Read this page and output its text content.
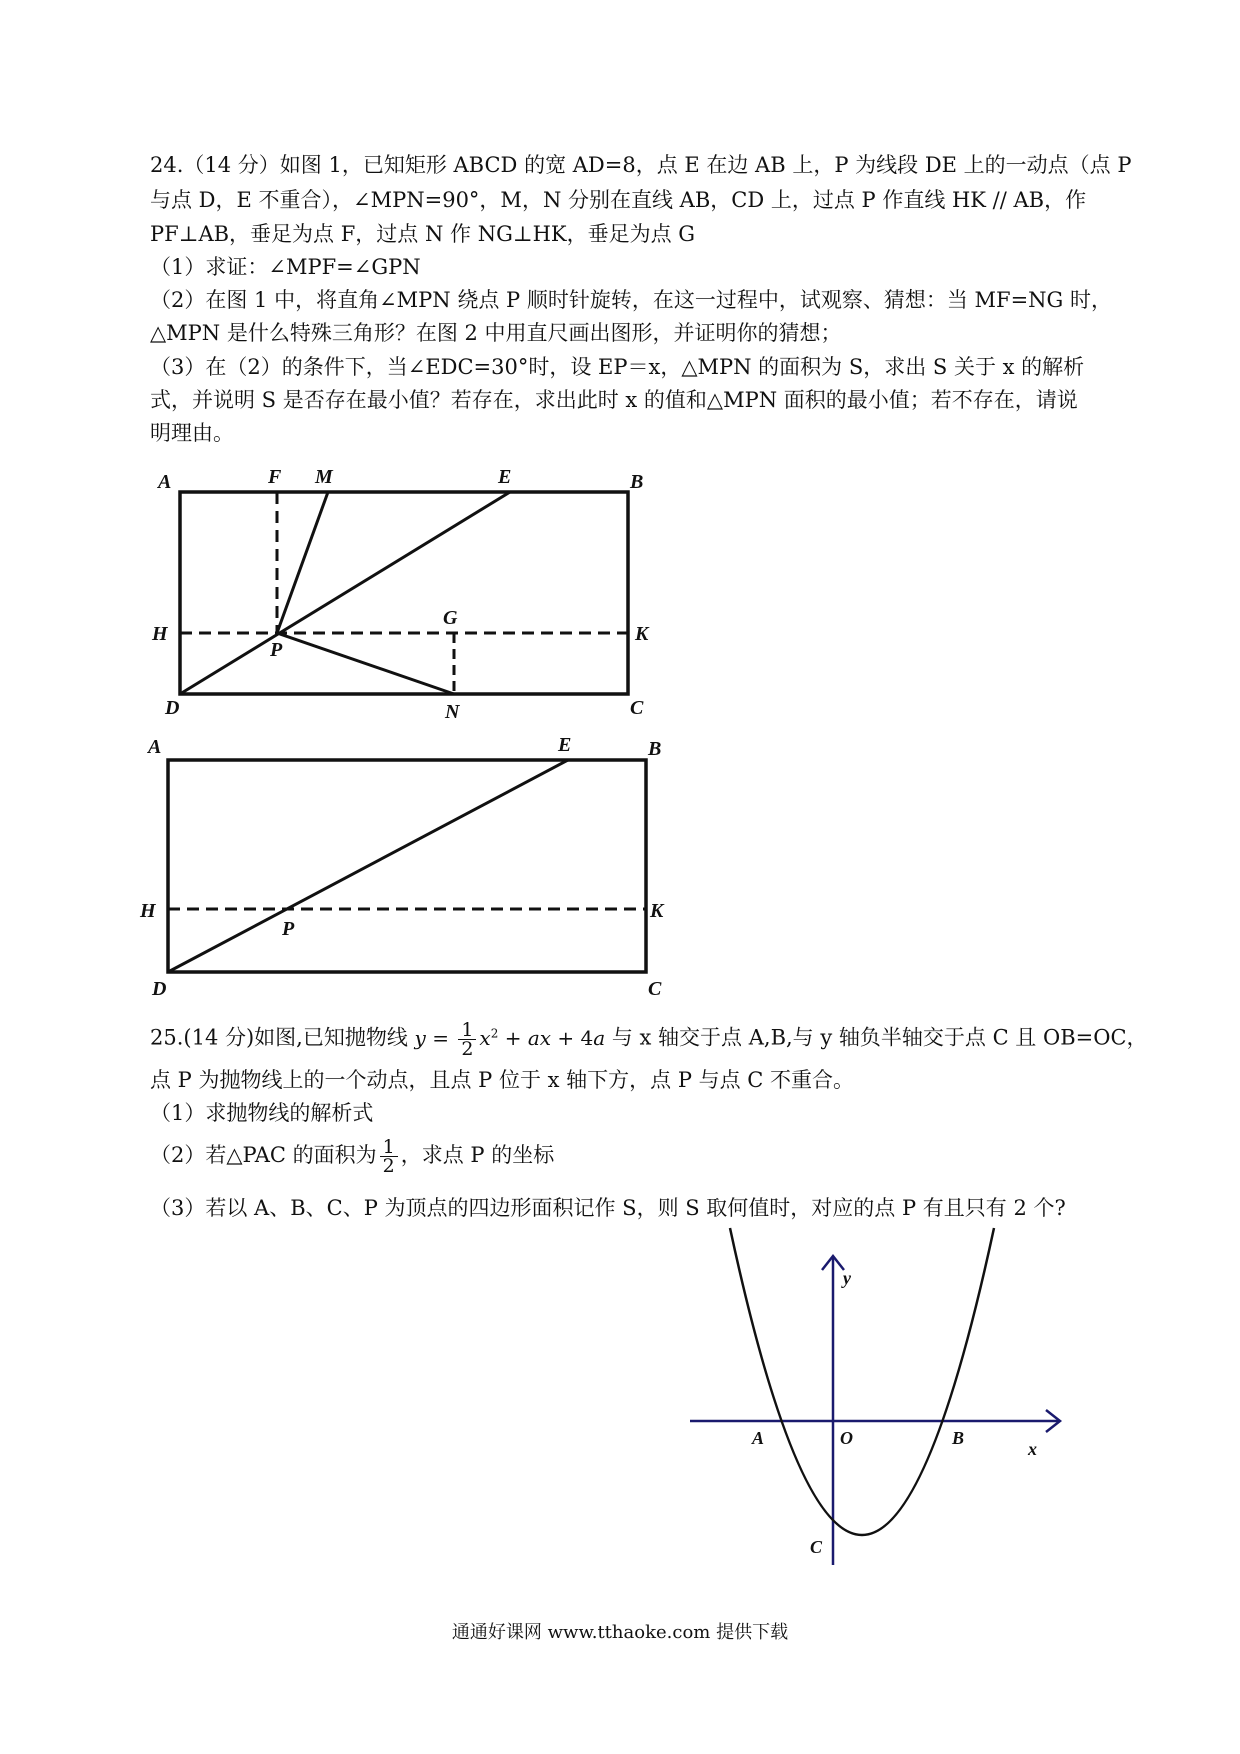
24.（14 分）如图 1，已知矩形 ABCD 的宽 AD=8，点 E 在边 AB 上，P 为线段 DE 上的一动点（点 P
与点 D，E 不重合），∠MPN=90°，M，N 分别在直线 AB，CD 上，过点 P 作直线 HK // AB，作
PF⊥AB，垂足为点 F，过点 N 作 NG⊥HK，垂足为点 G
（1）求证：∠MPF=∠GPN
（2）在图 1 中，将直角∠MPN 绕点 P 顺时针旋转，在这一过程中，试观察、猜想：当 MF=NG 时，
△MPN 是什么特殊三角形？在图 2 中用直尺画出图形，并证明你的猜想；
（3）在（2）的条件下，当∠EDC=30°时，设 EP＝x，△MPN 的面积为 S，求出 S 关于 x 的解析
式，并说明 S 是否存在最小值？若存在，求出此时 x 的值和△MPN 面积的最小值；若不存在，请说
明理由。
A	F M	E	B
H
G
K
P
D	N	C
A	E	B
H	K
P
D	C
y
x
A	O	B
C
25.(14 分)如图,已知抛物线 $y = \frac{1}{2} x^2$ + ax + 4a 与 x 轴交于点 A,B,与 y 轴负半轴交于点 C 且 OB=OC，
点 P 为抛物线上的一个动点，且点 P 位于 x 轴下方，点 P 与点 C 不重合。
（1）求抛物线的解析式
（2）若△PAC 的面积为 $\frac{1}{2}$ ，求点 P 的坐标
（3）若以 A、B、C、P 为顶点的四边形面积记作 S，则 S 取何值时，对应的点 P 有且只有 2 个?
通通好课网 www.tthaoke.com 提供下载
